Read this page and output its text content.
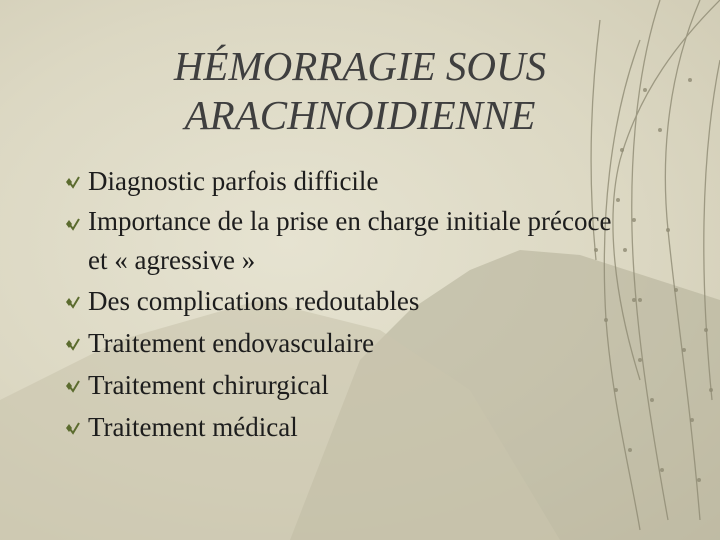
HÉMORRAGIE SOUS
ARACHNOIDIENNE
Diagnostic parfois difficile
Importance de la prise en charge initiale précoce et « agressive »
Des complications redoutables
Traitement endovasculaire
Traitement chirurgical
Traitement médical
